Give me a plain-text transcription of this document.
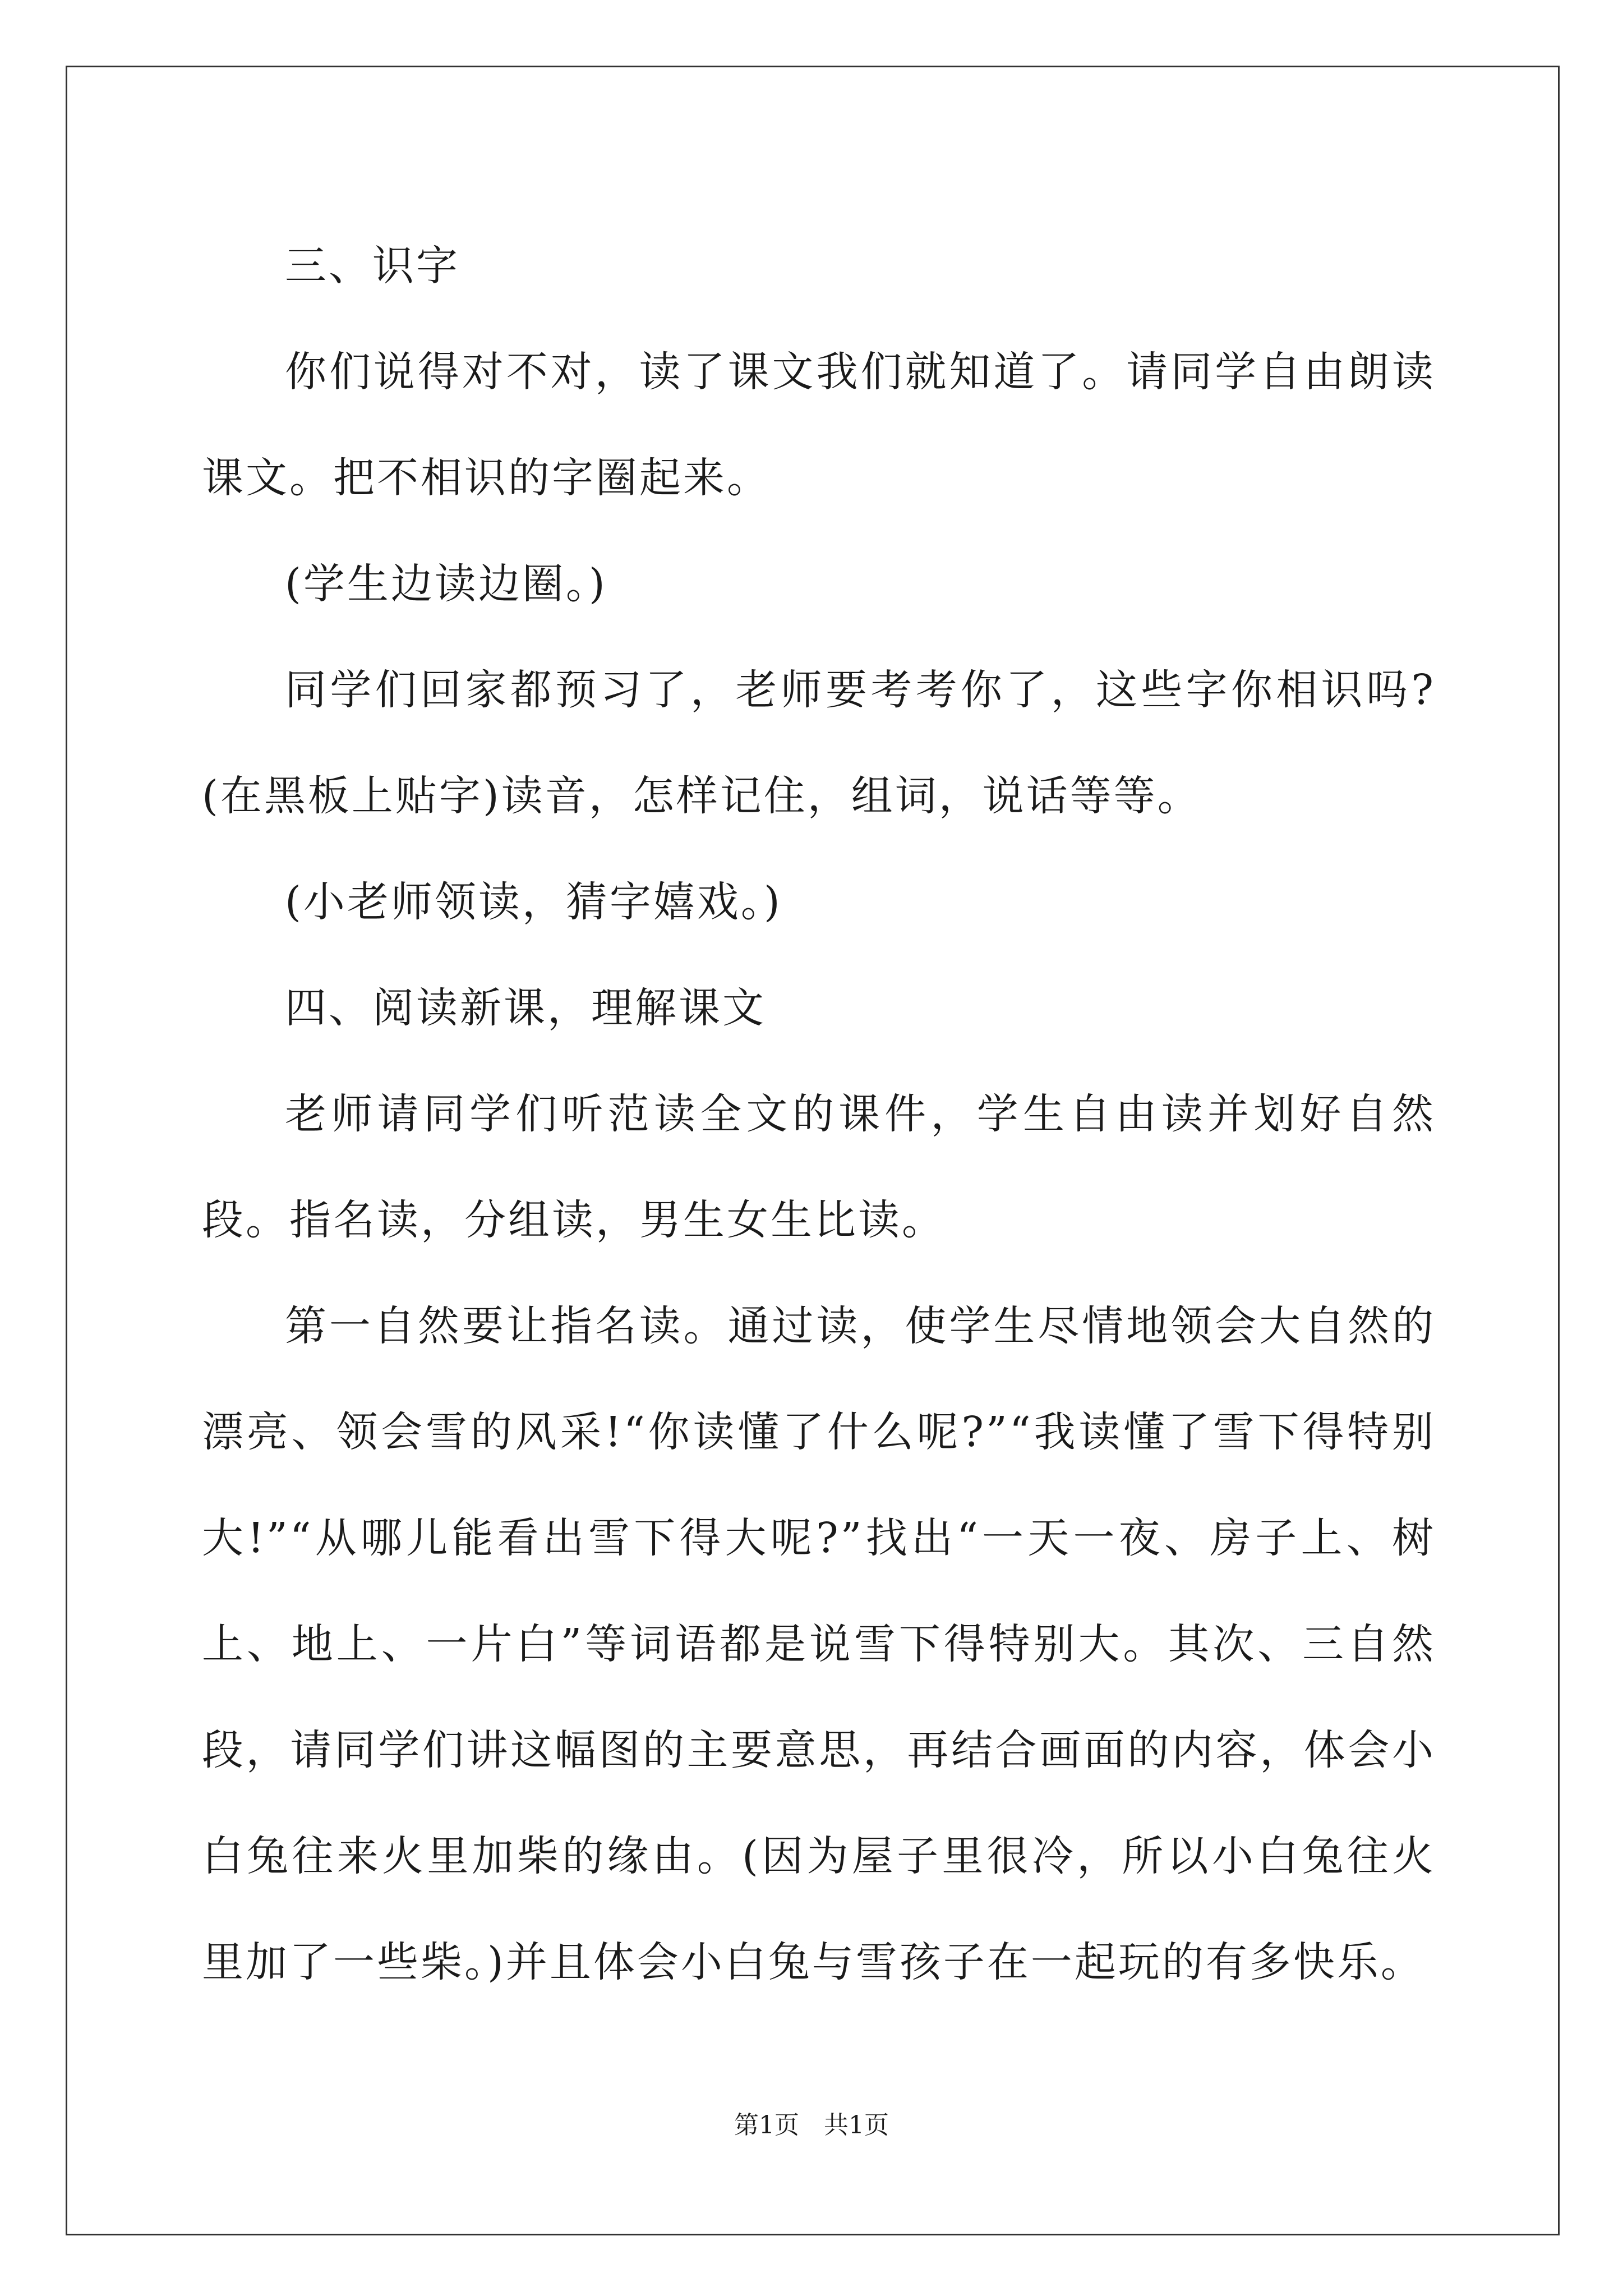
三、识字

你们说得对不对，读了课文我们就知道了。请同学自由朗读课文。把不相识的字圈起来。

(学生边读边圈。)

同学们回家都预习了，老师要考考你了，这些字你相识吗?(在黑板上贴字)读音，怎样记住，组词，说话等等。

(小老师领读，猜字嬉戏。)

四、阅读新课，理解课文

老师请同学们听范读全文的课件，学生自由读并划好自然段。指名读，分组读，男生女生比读。

第一自然要让指名读。通过读，使学生尽情地领会大自然的漂亮、领会雪的风采!“你读懂了什么呢?”“我读懂了雪下得特别大!”“从哪儿能看出雪下得大呢?”找出“一天一夜、房子上、树上、地上、一片白”等词语都是说雪下得特别大。其次、三自然段，请同学们讲这幅图的主要意思，再结合画面的内容，体会小白兔往来火里加柴的缘由。(因为屋子里很冷，所以小白兔往火里加了一些柴。)并且体会小白兔与雪孩子在一起玩的有多快乐。

第1页　共1页
